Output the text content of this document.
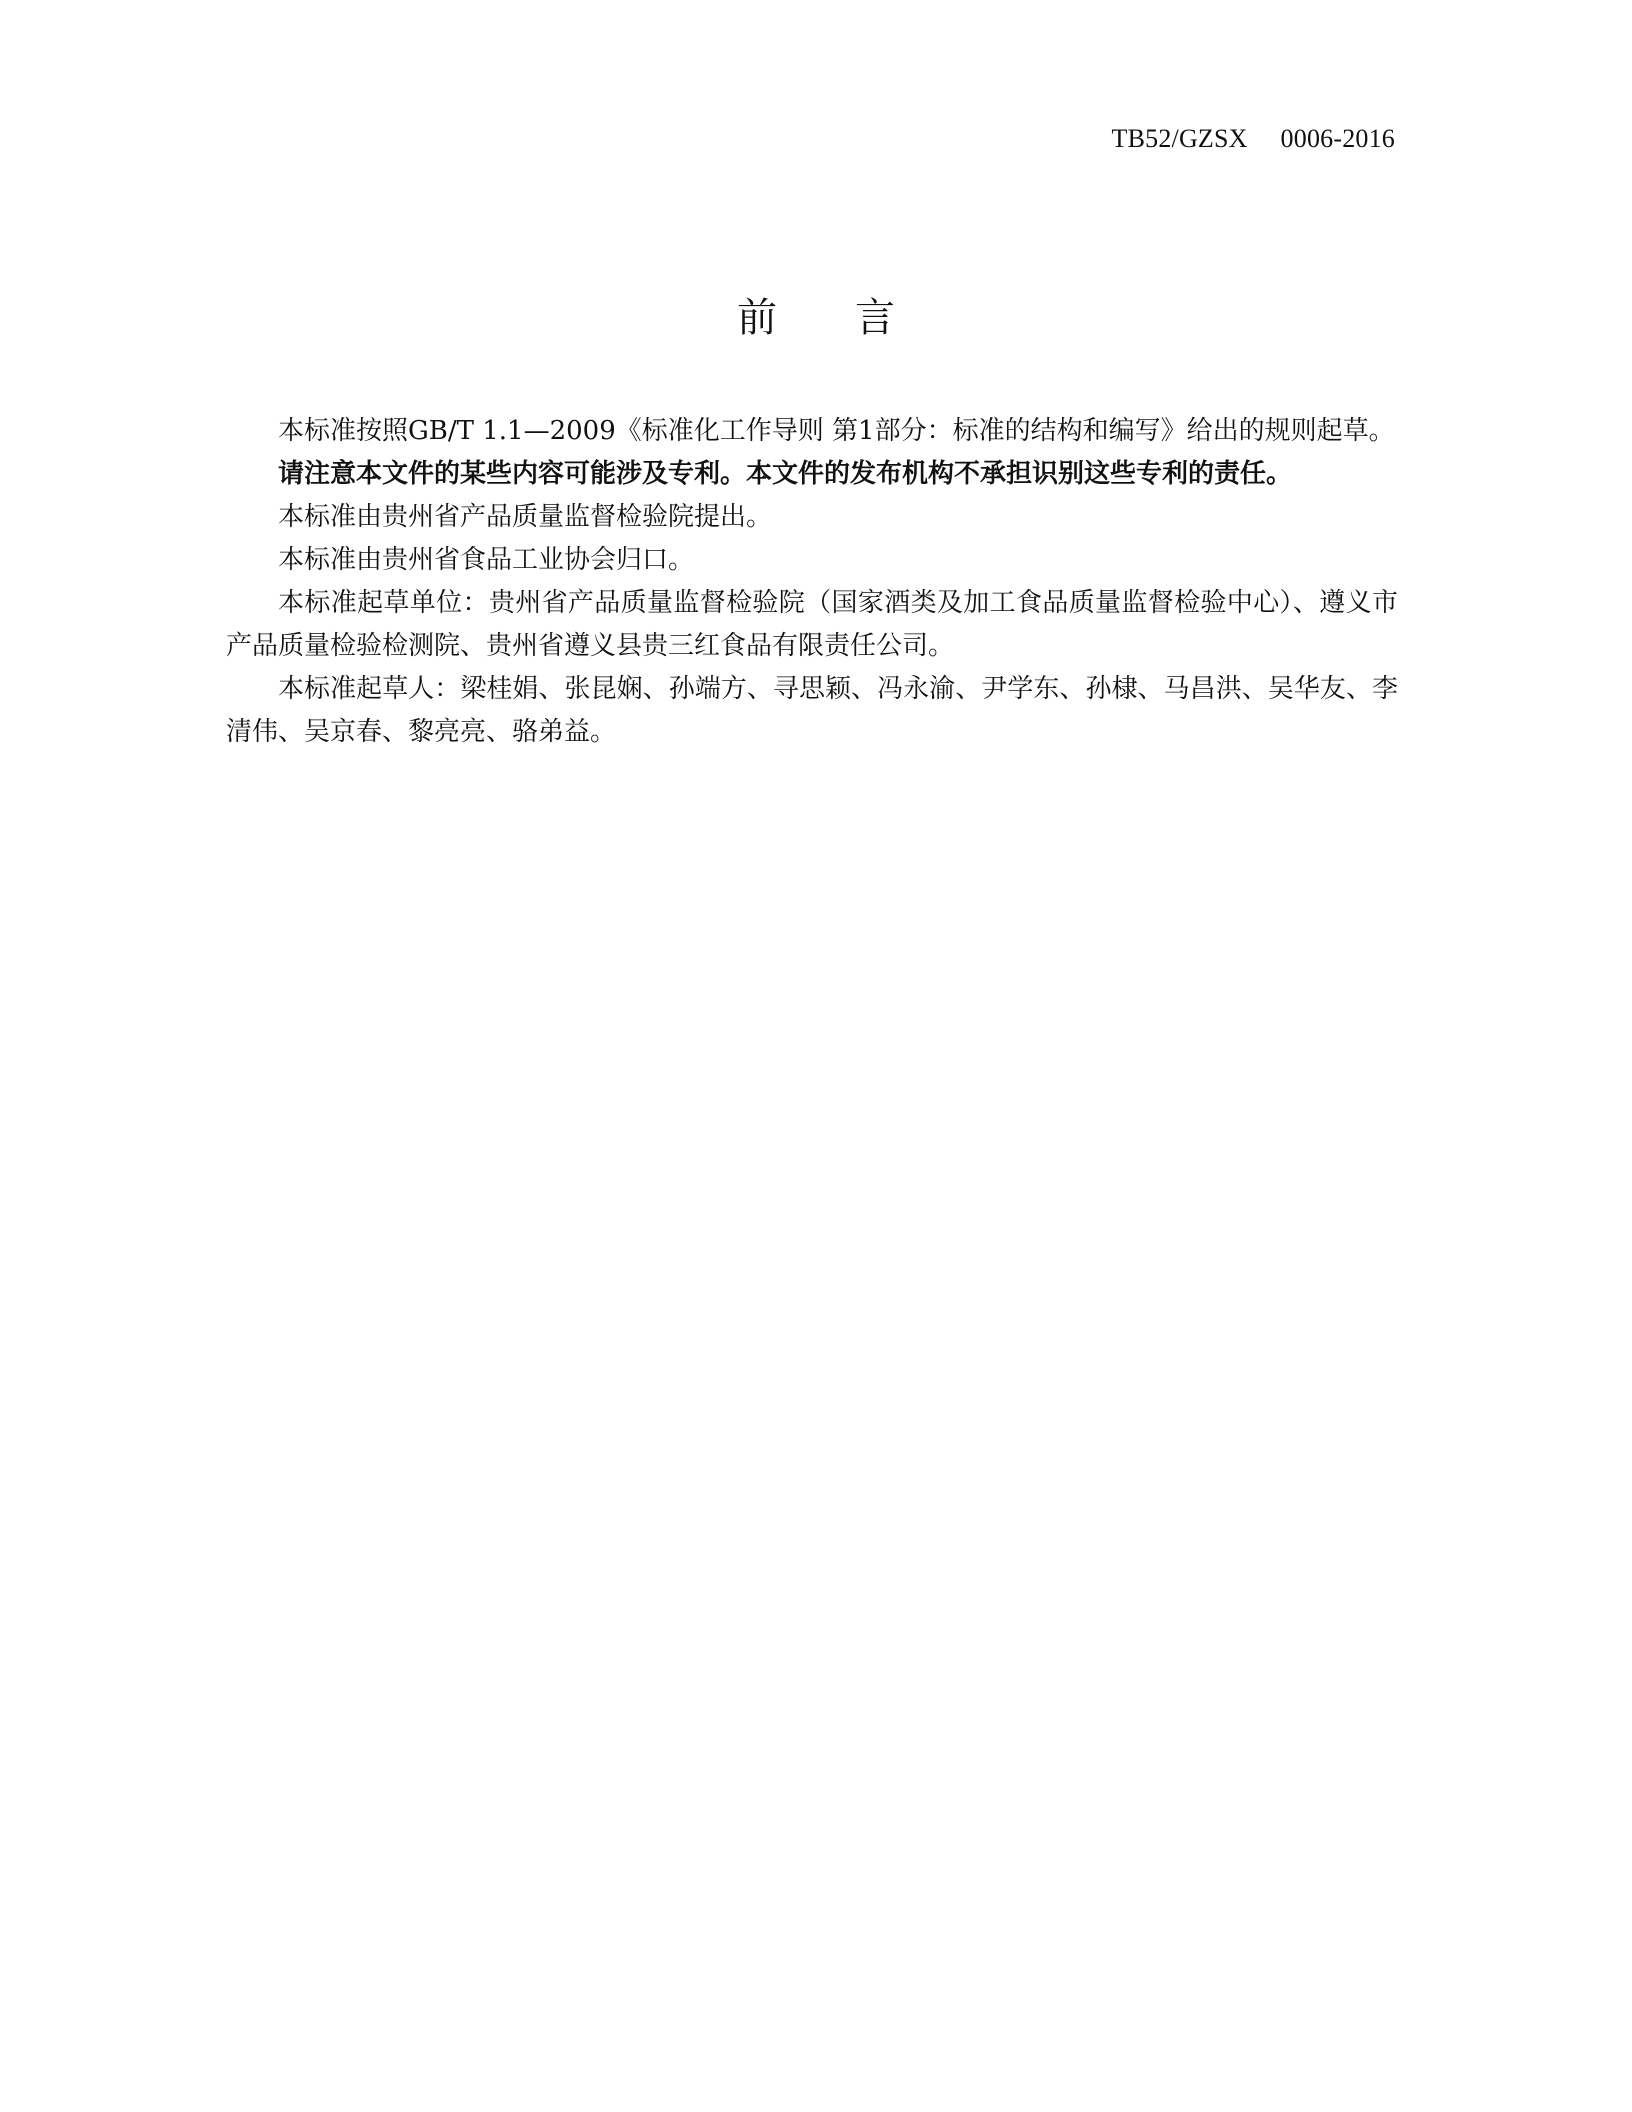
TB52/GZSX　 0006-2016
前言

本标准按照GB/T 1.1—2009《标准化工作导则 第1部分：标准的结构和编写》给出的规则起草。

请注意本文件的某些内容可能涉及专利。本文件的发布机构不承担识别这些专利的责任。

本标准由贵州省产品质量监督检验院提出。

本标准由贵州省食品工业协会归口。

本标准起草单位：贵州省产品质量监督检验院（国家酒类及加工食品质量监督检验中心）、遵义市产品质量检验检测院、贵州省遵义县贵三红食品有限责任公司。

本标准起草人：梁桂娟、张昆娴、孙端方、寻思颖、冯永渝、尹学东、孙棣、马昌洪、吴华友、李清伟、吴京春、黎亮亮、骆弟益。
